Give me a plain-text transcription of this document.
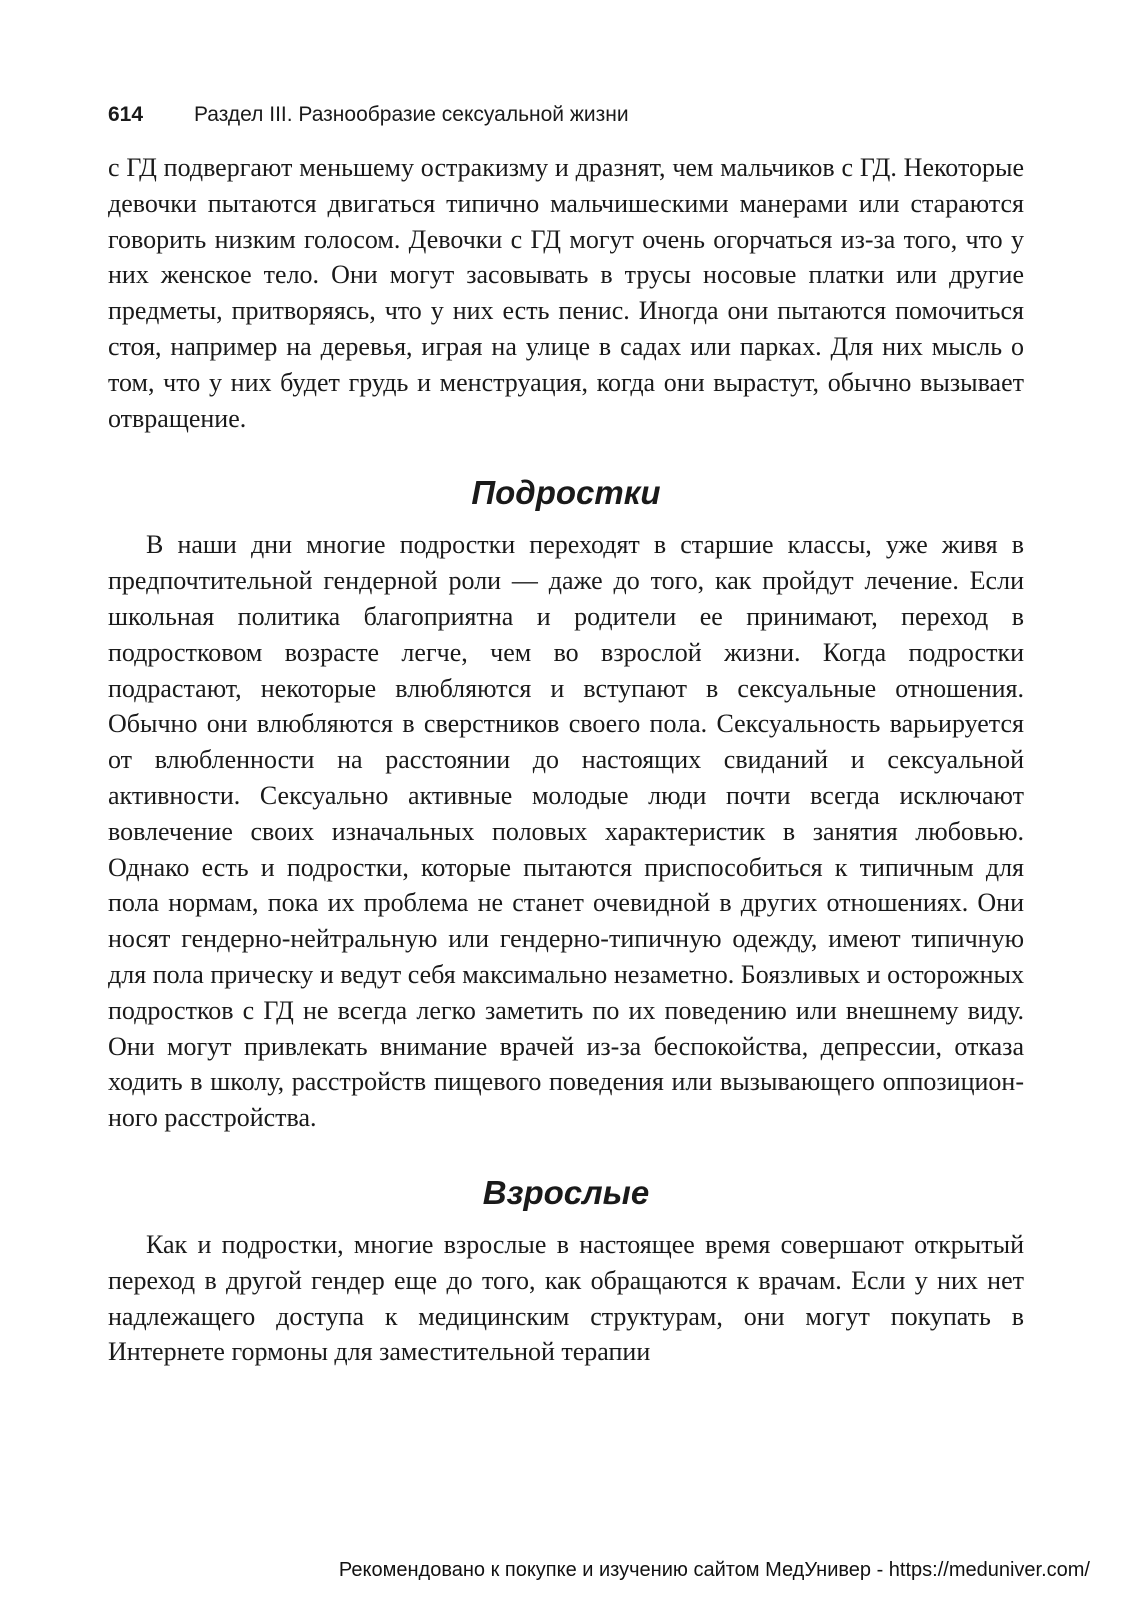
614 Раздел III. Разнообразие сексуальной жизни

с ГД подвергают меньшему остракизму и дразнят, чем мальчиков с ГД. Некоторые девочки пытаются двигаться типично мальчишескими манерами или стараются говорить низким голосом. Девочки с ГД могут очень огорчаться из-за того, что у них женское тело. Они могут засовывать в трусы носовые платки или другие предметы, притворяясь, что у них есть пенис. Иногда они пытаются помочиться стоя, например на деревья, играя на улице в садах или парках. Для них мысль о том, что у них будет грудь и менструация, когда они вырастут, обычно вызывает отвращение.

Подростки

В наши дни многие подростки переходят в старшие классы, уже живя в предпочтительной гендерной роли — даже до того, как пройдут лечение. Если школьная политика благоприятна и родители ее принимают, переход в подростковом возрасте легче, чем во взрослой жизни. Когда подростки подрастают, некоторые влюбляются и вступают в сексуальные отношения. Обычно они влюбляются в сверстников своего пола. Сексуальность варьируется от влюбленности на расстоянии до настоящих свиданий и сексуальной активности. Сексуально активные молодые люди почти всегда исключают вовлечение своих изначальных половых характеристик в занятия любовью. Однако есть и подростки, которые пытаются приспособиться к типичным для пола нормам, пока их проблема не станет очевидной в других отношениях. Они носят гендерно-нейтральную или гендерно-типичную одежду, имеют типичную для пола прическу и ведут себя максимально незаметно. Боязливых и осторожных подростков с ГД не всегда легко заметить по их поведению или внешнему виду. Они могут привлекать внимание врачей из-за беспокойства, депрессии, отказа ходить в школу, расстройств пищевого поведения или вызывающего оппозиционного расстройства.

Взрослые

Как и подростки, многие взрослые в настоящее время совершают открытый переход в другой гендер еще до того, как обращаются к врачам. Если у них нет надлежащего доступа к медицинским структурам, они могут покупать в Интернете гормоны для заместительной терапии

Рекомендовано к покупке и изучению сайтом МедУнивер - https://meduniver.com/
